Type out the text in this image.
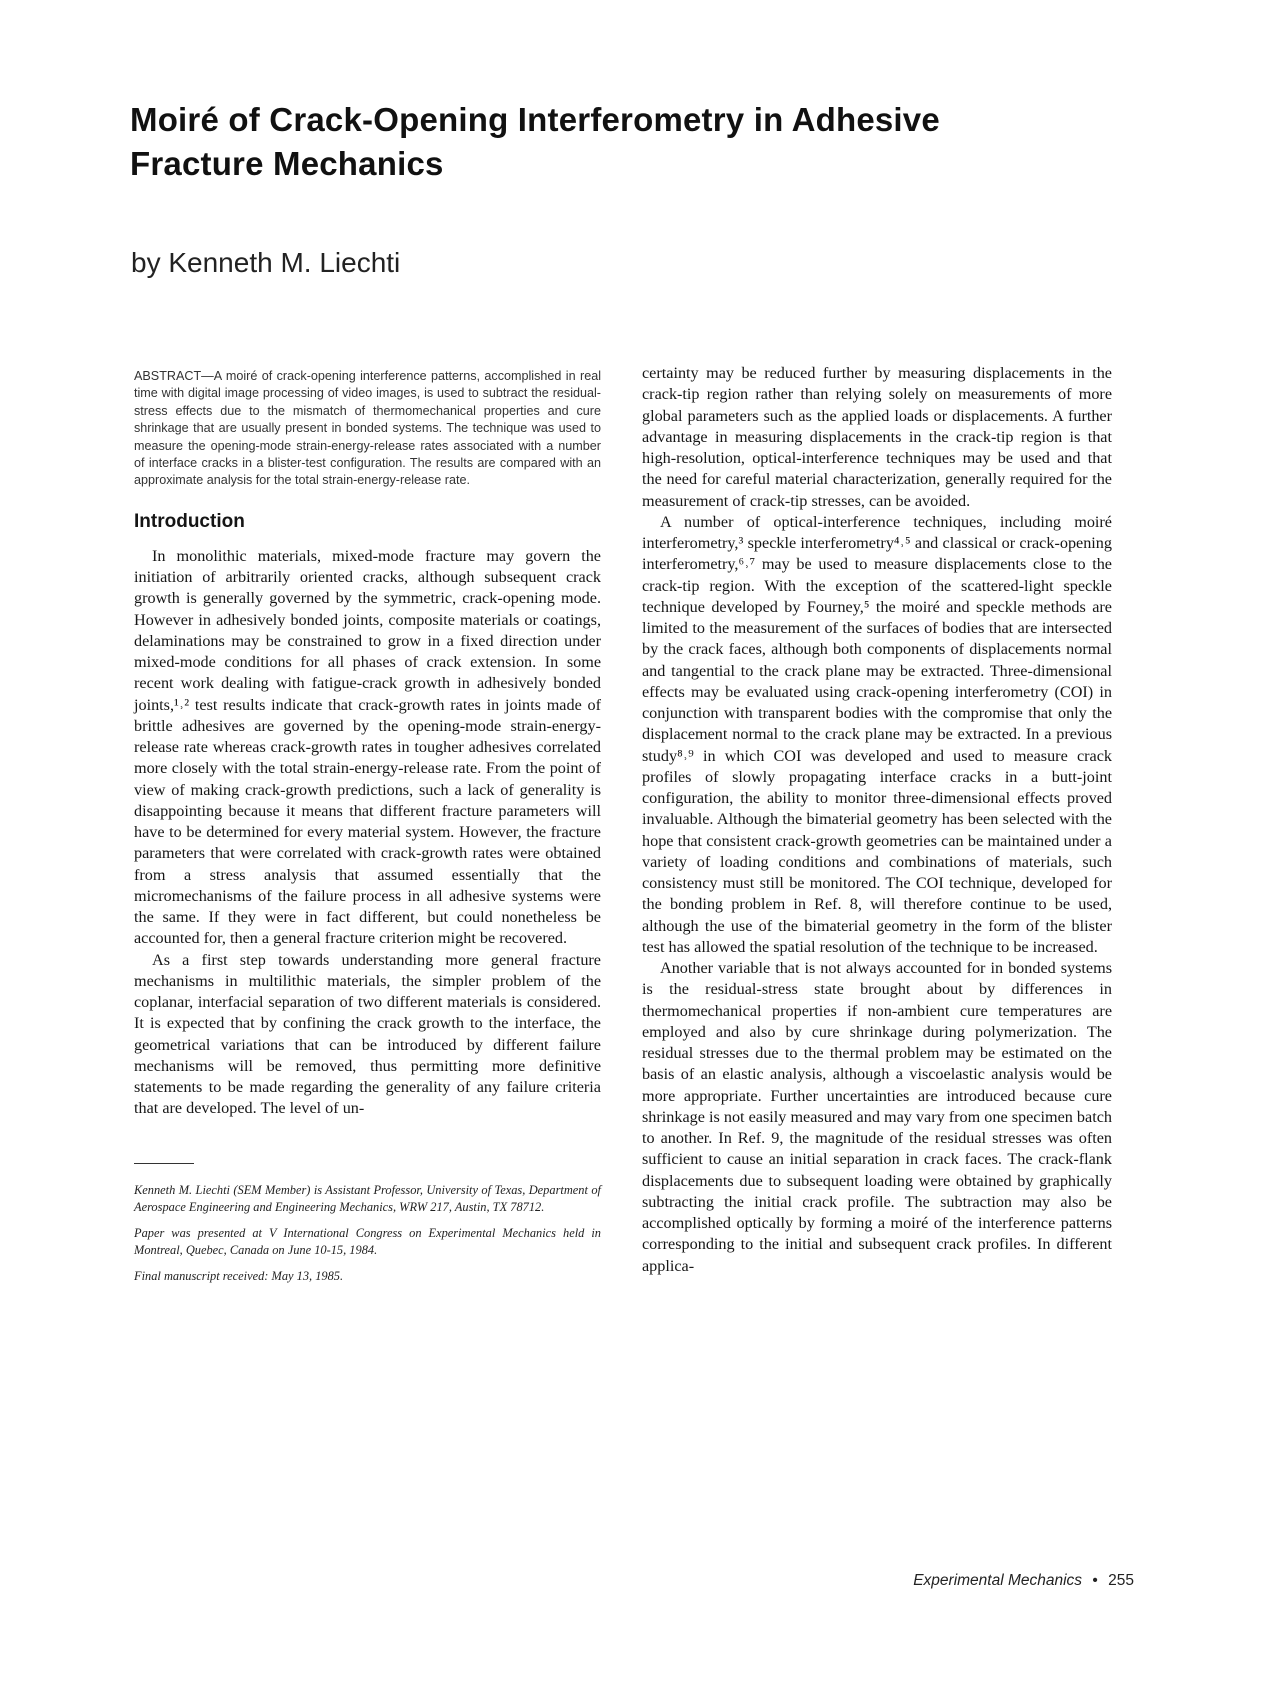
Moiré of Crack-Opening Interferometry in Adhesive Fracture Mechanics
by Kenneth M. Liechti

ABSTRACT—A moiré of crack-opening interference patterns, accomplished in real time with digital image processing of video images, is used to subtract the residual-stress effects due to the mismatch of thermomechanical properties and cure shrinkage that are usually present in bonded systems. The technique was used to measure the opening-mode strain-energy-release rates associated with a number of interface cracks in a blister-test configuration. The results are compared with an approximate analysis for the total strain-energy-release rate.

Introduction

In monolithic materials, mixed-mode fracture may govern the initiation of arbitrarily oriented cracks, although subsequent crack growth is generally governed by the symmetric, crack-opening mode. However in adhesively bonded joints, composite materials or coatings, delaminations may be constrained to grow in a fixed direction under mixed-mode conditions for all phases of crack extension. In some recent work dealing with fatigue-crack growth in adhesively bonded joints,¹˒² test results indicate that crack-growth rates in joints made of brittle adhesives are governed by the opening-mode strain-energy-release rate whereas crack-growth rates in tougher adhesives correlated more closely with the total strain-energy-release rate. From the point of view of making crack-growth predictions, such a lack of generality is disappointing because it means that different fracture parameters will have to be determined for every material system. However, the fracture parameters that were correlated with crack-growth rates were obtained from a stress analysis that assumed essentially that the micromechanisms of the failure process in all adhesive systems were the same. If they were in fact different, but could nonetheless be accounted for, then a general fracture criterion might be recovered.

As a first step towards understanding more general fracture mechanisms in multilithic materials, the simpler problem of the coplanar, interfacial separation of two different materials is considered. It is expected that by confining the crack growth to the interface, the geometrical variations that can be introduced by different failure mechanisms will be removed, thus permitting more definitive statements to be made regarding the generality of any failure criteria that are developed. The level of un-

Kenneth M. Liechti (SEM Member) is Assistant Professor, University of Texas, Department of Aerospace Engineering and Engineering Mechanics, WRW 217, Austin, TX 78712.

Paper was presented at V International Congress on Experimental Mechanics held in Montreal, Quebec, Canada on June 10-15, 1984.

Final manuscript received: May 13, 1985.

certainty may be reduced further by measuring displacements in the crack-tip region rather than relying solely on measurements of more global parameters such as the applied loads or displacements. A further advantage in measuring displacements in the crack-tip region is that high-resolution, optical-interference techniques may be used and that the need for careful material characterization, generally required for the measurement of crack-tip stresses, can be avoided.

A number of optical-interference techniques, including moiré interferometry,³ speckle interferometry⁴˒⁵ and classical or crack-opening interferometry,⁶˒⁷ may be used to measure displacements close to the crack-tip region. With the exception of the scattered-light speckle technique developed by Fourney,⁵ the moiré and speckle methods are limited to the measurement of the surfaces of bodies that are intersected by the crack faces, although both components of displacements normal and tangential to the crack plane may be extracted. Three-dimensional effects may be evaluated using crack-opening interferometry (COI) in conjunction with transparent bodies with the compromise that only the displacement normal to the crack plane may be extracted. In a previous study⁸˒⁹ in which COI was developed and used to measure crack profiles of slowly propagating interface cracks in a butt-joint configuration, the ability to monitor three-dimensional effects proved invaluable. Although the bimaterial geometry has been selected with the hope that consistent crack-growth geometries can be maintained under a variety of loading conditions and combinations of materials, such consistency must still be monitored. The COI technique, developed for the bonding problem in Ref. 8, will therefore continue to be used, although the use of the bimaterial geometry in the form of the blister test has allowed the spatial resolution of the technique to be increased.

Another variable that is not always accounted for in bonded systems is the residual-stress state brought about by differences in thermomechanical properties if non-ambient cure temperatures are employed and also by cure shrinkage during polymerization. The residual stresses due to the thermal problem may be estimated on the basis of an elastic analysis, although a viscoelastic analysis would be more appropriate. Further uncertainties are introduced because cure shrinkage is not easily measured and may vary from one specimen batch to another. In Ref. 9, the magnitude of the residual stresses was often sufficient to cause an initial separation in crack faces. The crack-flank displacements due to subsequent loading were obtained by graphically subtracting the initial crack profile. The subtraction may also be accomplished optically by forming a moiré of the interference patterns corresponding to the initial and subsequent crack profiles. In different applica-

Experimental Mechanics • 255
